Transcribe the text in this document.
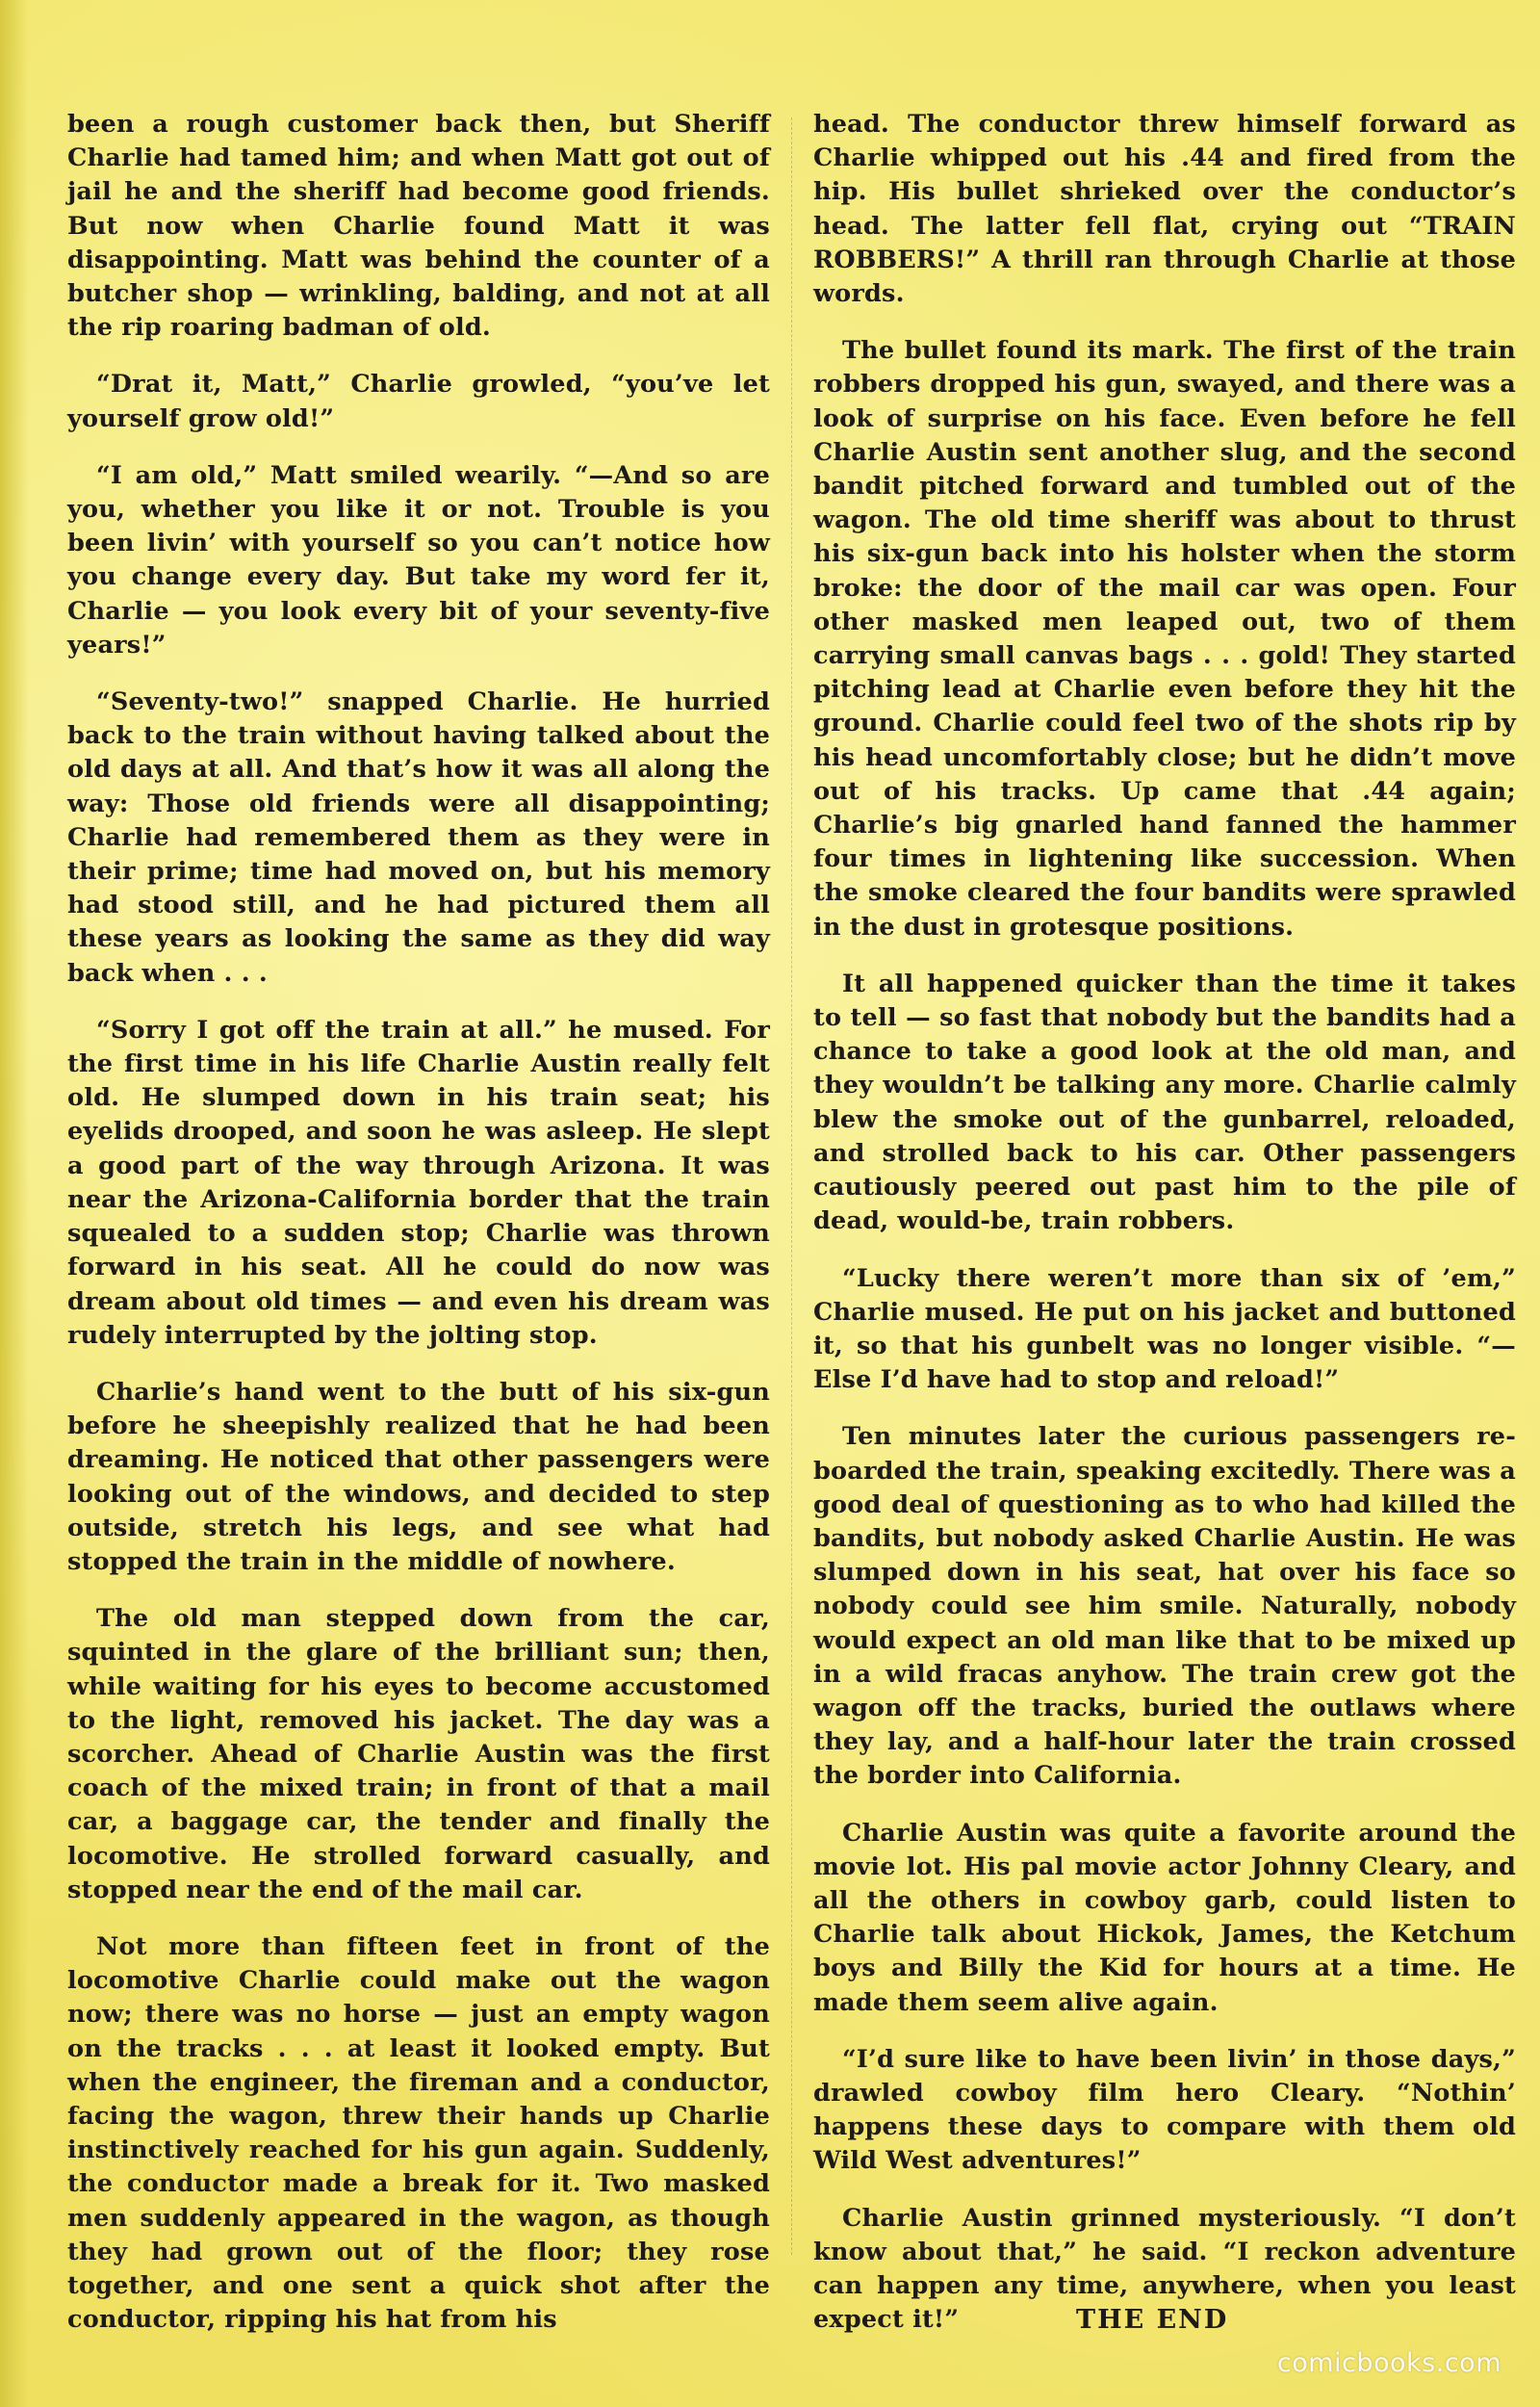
been a rough customer back then, but Sheriff Charlie had tamed him; and when Matt got out of jail he and the sheriff had become good friends. But now when Charlie found Matt it was disappointing. Matt was behind the counter of a butcher shop — wrinkling, balding, and not at all the rip roaring badman of old.

“Drat it, Matt,” Charlie growled, “you’ve let yourself grow old!”

“I am old,” Matt smiled wearily. “—And so are you, whether you like it or not. Trouble is you been livin’ with yourself so you can’t notice how you change every day. But take my word fer it, Charlie — you look every bit of your seventy-five years!”

“Seventy-two!” snapped Charlie. He hurried back to the train without having talked about the old days at all. And that’s how it was all along the way: Those old friends were all disappointing; Charlie had remembered them as they were in their prime; time had moved on, but his memory had stood still, and he had pictured them all these years as looking the same as they did way back when . . .

“Sorry I got off the train at all.” he mused. For the first time in his life Charlie Austin really felt old. He slumped down in his train seat; his eyelids drooped, and soon he was asleep. He slept a good part of the way through Arizona. It was near the Arizona-California border that the train squealed to a sudden stop; Charlie was thrown forward in his seat. All he could do now was dream about old times — and even his dream was rudely interrupted by the jolting stop.

Charlie’s hand went to the butt of his six-gun before he sheepishly realized that he had been dreaming. He noticed that other passengers were looking out of the windows, and decided to step outside, stretch his legs, and see what had stopped the train in the middle of nowhere.

The old man stepped down from the car, squinted in the glare of the brilliant sun; then, while waiting for his eyes to become accustomed to the light, removed his jacket. The day was a scorcher. Ahead of Charlie Austin was the first coach of the mixed train; in front of that a mail car, a baggage car, the tender and finally the locomotive. He strolled forward casually, and stopped near the end of the mail car.

Not more than fifteen feet in front of the locomotive Charlie could make out the wagon now; there was no horse — just an empty wagon on the tracks . . . at least it looked empty. But when the engineer, the fireman and a conductor, facing the wagon, threw their hands up Charlie instinctively reached for his gun again. Suddenly, the conductor made a break for it. Two masked men suddenly appeared in the wagon, as though they had grown out of the floor; they rose together, and one sent a quick shot after the conductor, ripping his hat from his

head. The conductor threw himself forward as Charlie whipped out his .44 and fired from the hip. His bullet shrieked over the conductor’s head. The latter fell flat, crying out “TRAIN ROBBERS!” A thrill ran through Charlie at those words.

The bullet found its mark. The first of the train robbers dropped his gun, swayed, and there was a look of surprise on his face. Even before he fell Charlie Austin sent another slug, and the second bandit pitched forward and tumbled out of the wagon. The old time sheriff was about to thrust his six-gun back into his holster when the storm broke: the door of the mail car was open. Four other masked men leaped out, two of them carrying small canvas bags . . . gold! They started pitching lead at Charlie even before they hit the ground. Charlie could feel two of the shots rip by his head uncomfortably close; but he didn’t move out of his tracks. Up came that .44 again; Charlie’s big gnarled hand fanned the hammer four times in lightening like succession. When the smoke cleared the four bandits were sprawled in the dust in grotesque positions.

It all happened quicker than the time it takes to tell — so fast that nobody but the bandits had a chance to take a good look at the old man, and they wouldn’t be talking any more. Charlie calmly blew the smoke out of the gunbarrel, reloaded, and strolled back to his car. Other passengers cautiously peered out past him to the pile of dead, would-be, train robbers.

“Lucky there weren’t more than six of ’em,” Charlie mused. He put on his jacket and buttoned it, so that his gunbelt was no longer visible. “—Else I’d have had to stop and reload!”

Ten minutes later the curious passengers re-boarded the train, speaking excitedly. There was a good deal of questioning as to who had killed the bandits, but nobody asked Charlie Austin. He was slumped down in his seat, hat over his face so nobody could see him smile. Naturally, nobody would expect an old man like that to be mixed up in a wild fracas anyhow. The train crew got the wagon off the tracks, buried the outlaws where they lay, and a half-hour later the train crossed the border into California.

Charlie Austin was quite a favorite around the movie lot. His pal movie actor Johnny Cleary, and all the others in cowboy garb, could listen to Charlie talk about Hickok, James, the Ketchum boys and Billy the Kid for hours at a time. He made them seem alive again.

“I’d sure like to have been livin’ in those days,” drawled cowboy film hero Cleary. “Nothin’ happens these days to compare with them old Wild West adventures!”

Charlie Austin grinned mysteriously. “I don’t know about that,” he said. “I reckon adventure can happen any time, anywhere, when you least expect it!”	THE END
comicbooks.com
